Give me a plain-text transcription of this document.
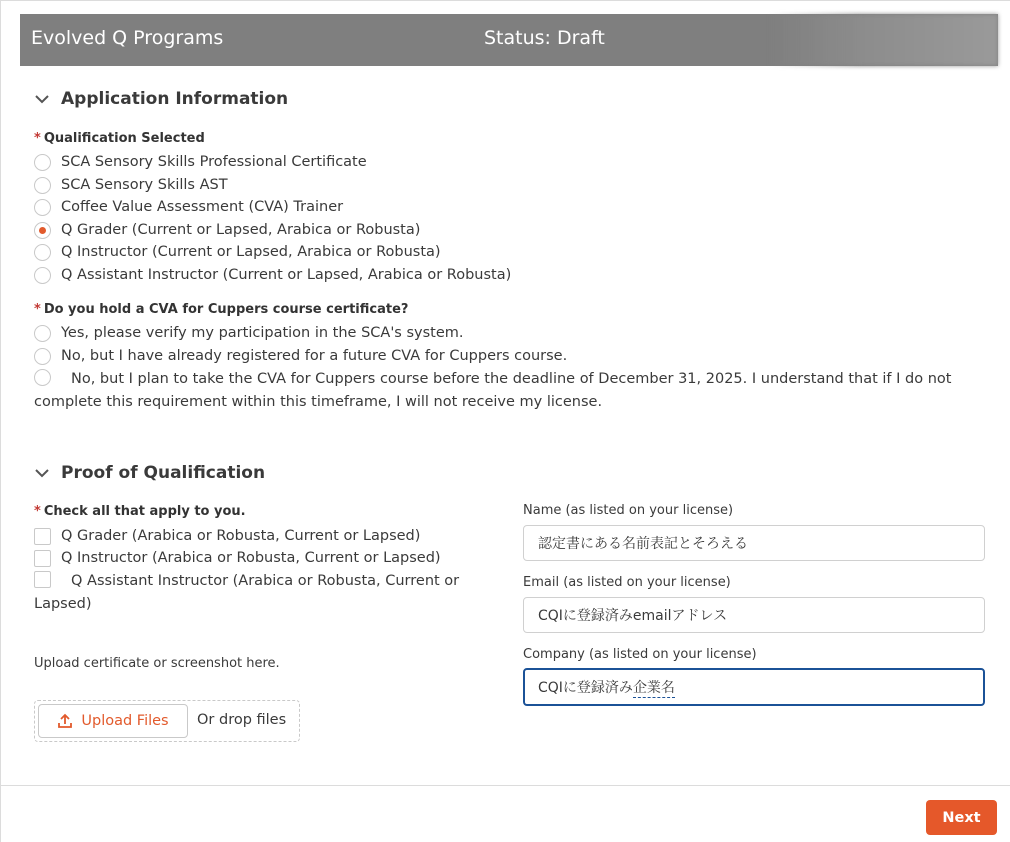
Evolved Q Programs	Status: Draft
Application Information
* Qualification Selected
SCA Sensory Skills Professional Certificate
SCA Sensory Skills AST
Coffee Value Assessment (CVA) Trainer
Q Grader (Current or Lapsed, Arabica or Robusta)
Q Instructor (Current or Lapsed, Arabica or Robusta)
Q Assistant Instructor (Current or Lapsed, Arabica or Robusta)
* Do you hold a CVA for Cuppers course certificate?
Yes, please verify my participation in the SCA's system.
No, but I have already registered for a future CVA for Cuppers course.
No, but I plan to take the CVA for Cuppers course before the deadline of December 31, 2025. I understand that if I do not complete this requirement within this timeframe, I will not receive my license.
Proof of Qualification
* Check all that apply to you.
Q Grader (Arabica or Robusta, Current or Lapsed)
Q Instructor (Arabica or Robusta, Current or Lapsed)
Q Assistant Instructor (Arabica or Robusta, Current or Lapsed)
Upload certificate or screenshot here.
Upload Files Or drop files
Name (as listed on your license)
認定書にある名前表記とそろえる
Email (as listed on your license)
CQIに登録済みemailアドレス
Company (as listed on your license)
CQIに登録済み 企業名
Next
